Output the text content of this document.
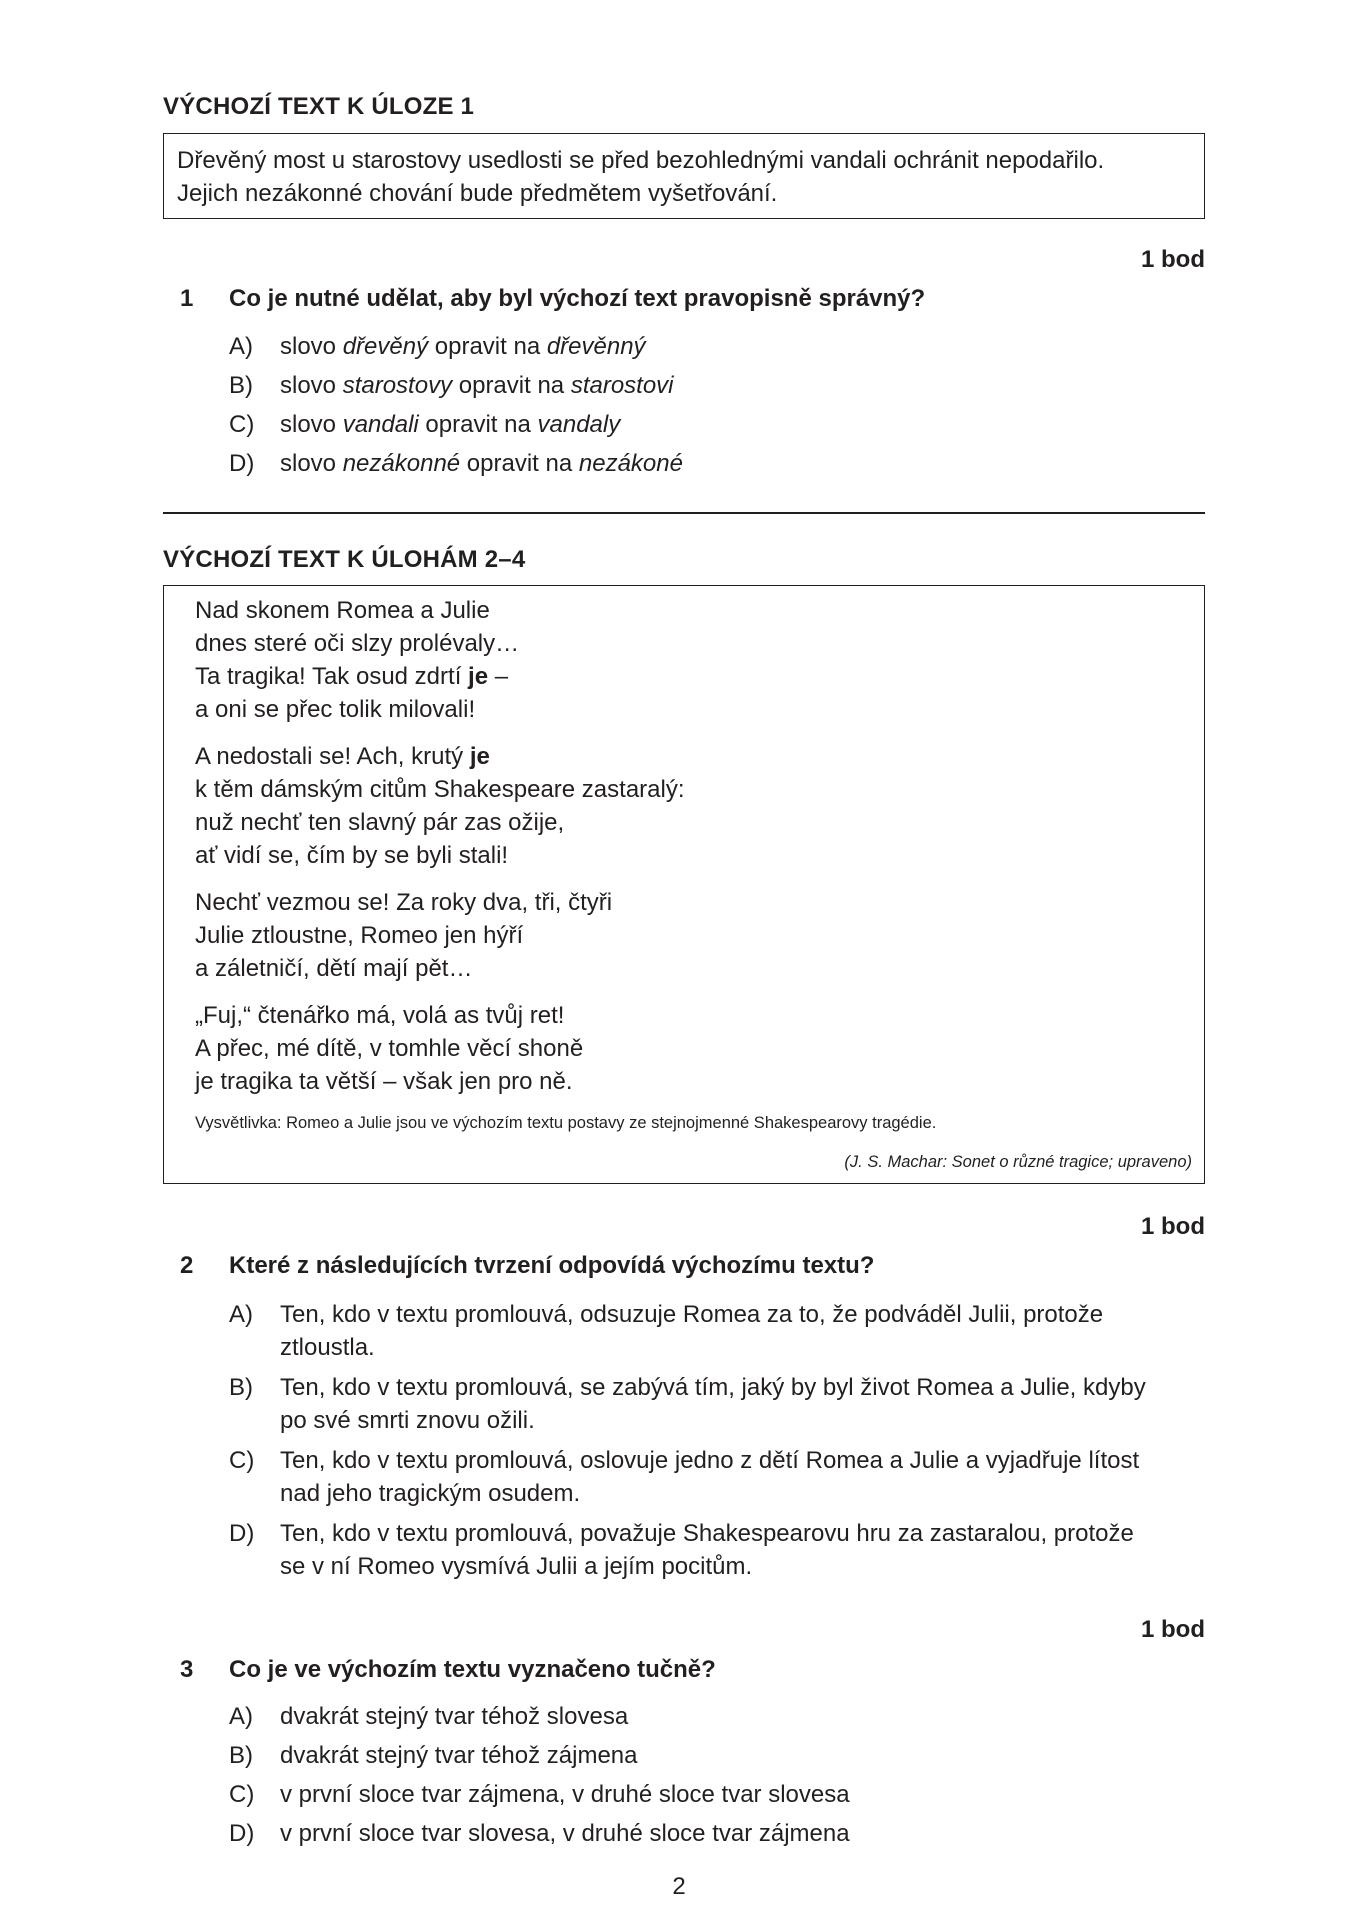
VÝCHOZÍ TEXT K ÚLOZE 1
Dřevěný most u starostovy usedlosti se před bezohlednými vandali ochránit nepodařilo.
Jejich nezákonné chování bude předmětem vyšetřování.
1 bod
1 Co je nutné udělat, aby byl výchozí text pravopisně správný?
A) slovo dřevěný opravit na dřevěnný
B) slovo starostovy opravit na starostovi
C) slovo vandali opravit na vandaly
D) slovo nezákonné opravit na nezákoné
VÝCHOZÍ TEXT K ÚLOHÁM 2–4
Nad skonem Romea a Julie
dnes steré oči slzy prolévaly…
Ta tragika! Tak osud zdrtí je –
a oni se přec tolik milovali!
A nedostali se! Ach, krutý je
k těm dámským citům Shakespeare zastaralý:
nuž nechť ten slavný pár zas ožije,
ať vidí se, čím by se byli stali!
Nechť vezmou se! Za roky dva, tři, čtyři
Julie ztloustne, Romeo jen hýří
a záletničí, dětí mají pět…
„Fuj,“ čtenářko má, volá as tvůj ret!
A přec, mé dítě, v tomhle věcí shoně
je tragika ta větší – však jen pro ně.
Vysvětlivka: Romeo a Julie jsou ve výchozím textu postavy ze stejnojmenné Shakespearovy tragédie.
(J. S. Machar: Sonet o různé tragice; upraveno)
1 bod
2 Které z následujících tvrzení odpovídá výchozímu textu?
A) Ten, kdo v textu promlouvá, odsuzuje Romea za to, že podváděl Julii, protože
ztloustla.
B) Ten, kdo v textu promlouvá, se zabývá tím, jaký by byl život Romea a Julie, kdyby
po své smrti znovu ožili.
C) Ten, kdo v textu promlouvá, oslovuje jedno z dětí Romea a Julie a vyjadřuje lítost
nad jeho tragickým osudem.
D) Ten, kdo v textu promlouvá, považuje Shakespearovu hru za zastaralou, protože
se v ní Romeo vysmívá Julii a jejím pocitům.
1 bod
3 Co je ve výchozím textu vyznačeno tučně?
A) dvakrát stejný tvar téhož slovesa
B) dvakrát stejný tvar téhož zájmena
C) v první sloce tvar zájmena, v druhé sloce tvar slovesa
D) v první sloce tvar slovesa, v druhé sloce tvar zájmena
2
